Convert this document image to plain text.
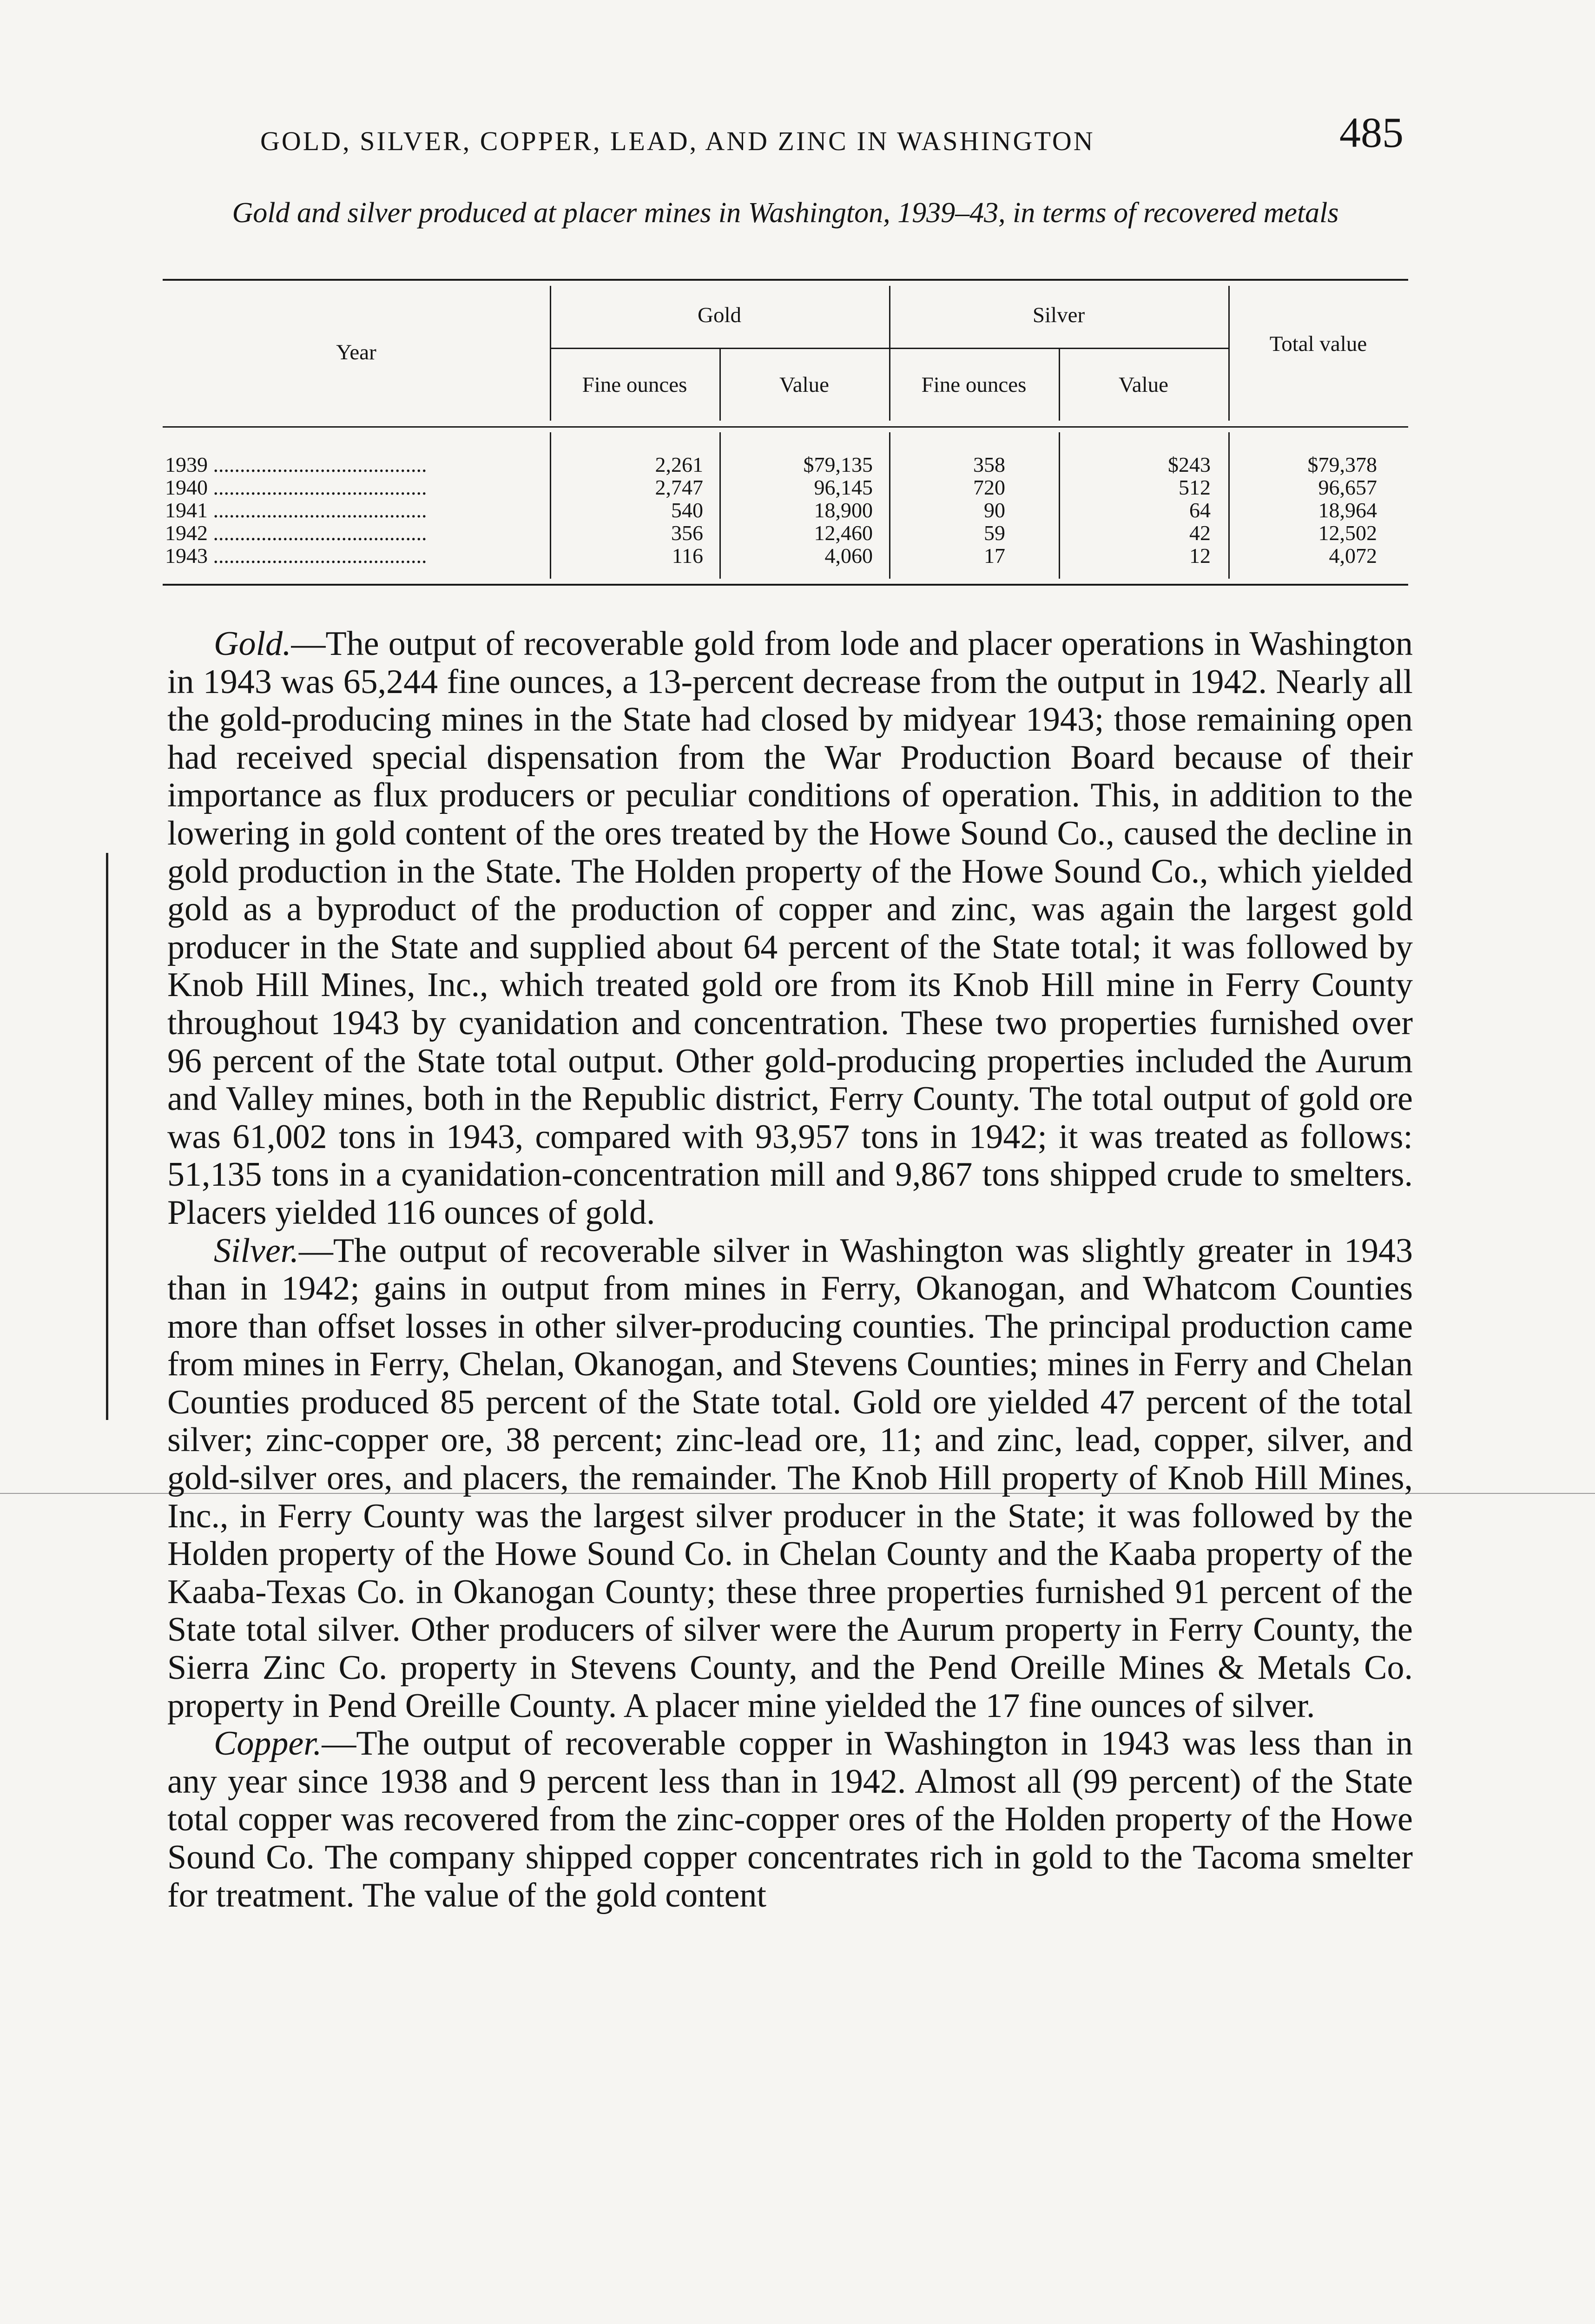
GOLD, SILVER, COPPER, LEAD, AND ZINC IN WASHINGTON	485
Gold and silver produced at placer mines in Washington, 1939–43, in terms of recovered metals
Year
Gold	Silver
Total value
Fine ounces	Value	Fine ounces	Value
1939 ........................................	2,261	$79,135	358	$243	$79,378
1940 ........................................	2,747	96,145	720	512	96,657
1941 ........................................	540	18,900	90	64	18,964
1942 ........................................	356	12,460	59	42	12,502
1943 ........................................	116	4,060	17	12	4,072

Gold.—The output of recoverable gold from lode and placer operations in Washington in 1943 was 65,244 fine ounces, a 13-percent decrease from the output in 1942. Nearly all the gold-producing mines in the State had closed by midyear 1943; those remaining open had received special dispensation from the War Production Board because of their importance as flux producers or peculiar conditions of operation. This, in addition to the lowering in gold content of the ores treated by the Howe Sound Co., caused the decline in gold production in the State. The Holden property of the Howe Sound Co., which yielded gold as a byproduct of the production of copper and zinc, was again the largest gold producer in the State and supplied about 64 percent of the State total; it was followed by Knob Hill Mines, Inc., which treated gold ore from its Knob Hill mine in Ferry County throughout 1943 by cyanidation and concentration. These two properties furnished over 96 percent of the State total output. Other gold-producing properties included the Aurum and Valley mines, both in the Republic district, Ferry County. The total output of gold ore was 61,002 tons in 1943, compared with 93,957 tons in 1942; it was treated as follows: 51,135 tons in a cyanidation-concentration mill and 9,867 tons shipped crude to smelters. Placers yielded 116 ounces of gold.

Silver.—The output of recoverable silver in Washington was slightly greater in 1943 than in 1942; gains in output from mines in Ferry, Okanogan, and Whatcom Counties more than offset losses in other silver-producing counties. The principal production came from mines in Ferry, Chelan, Okanogan, and Stevens Counties; mines in Ferry and Chelan Counties produced 85 percent of the State total. Gold ore yielded 47 percent of the total silver; zinc-copper ore, 38 percent; zinc-lead ore, 11; and zinc, lead, copper, silver, and gold-silver ores, and placers, the remainder. The Knob Hill property of Knob Hill Mines, Inc., in Ferry County was the largest silver producer in the State; it was followed by the Holden property of the Howe Sound Co. in Chelan County and the Kaaba property of the Kaaba-Texas Co. in Okanogan County; these three properties furnished 91 percent of the State total silver. Other producers of silver were the Aurum property in Ferry County, the Sierra Zinc Co. property in Stevens County, and the Pend Oreille Mines & Metals Co. property in Pend Oreille County. A placer mine yielded the 17 fine ounces of silver.

Copper.—The output of recoverable copper in Washington in 1943 was less than in any year since 1938 and 9 percent less than in 1942. Almost all (99 percent) of the State total copper was recovered from the zinc-copper ores of the Holden property of the Howe Sound Co. The company shipped copper concentrates rich in gold to the Tacoma smelter for treatment. The value of the gold content
